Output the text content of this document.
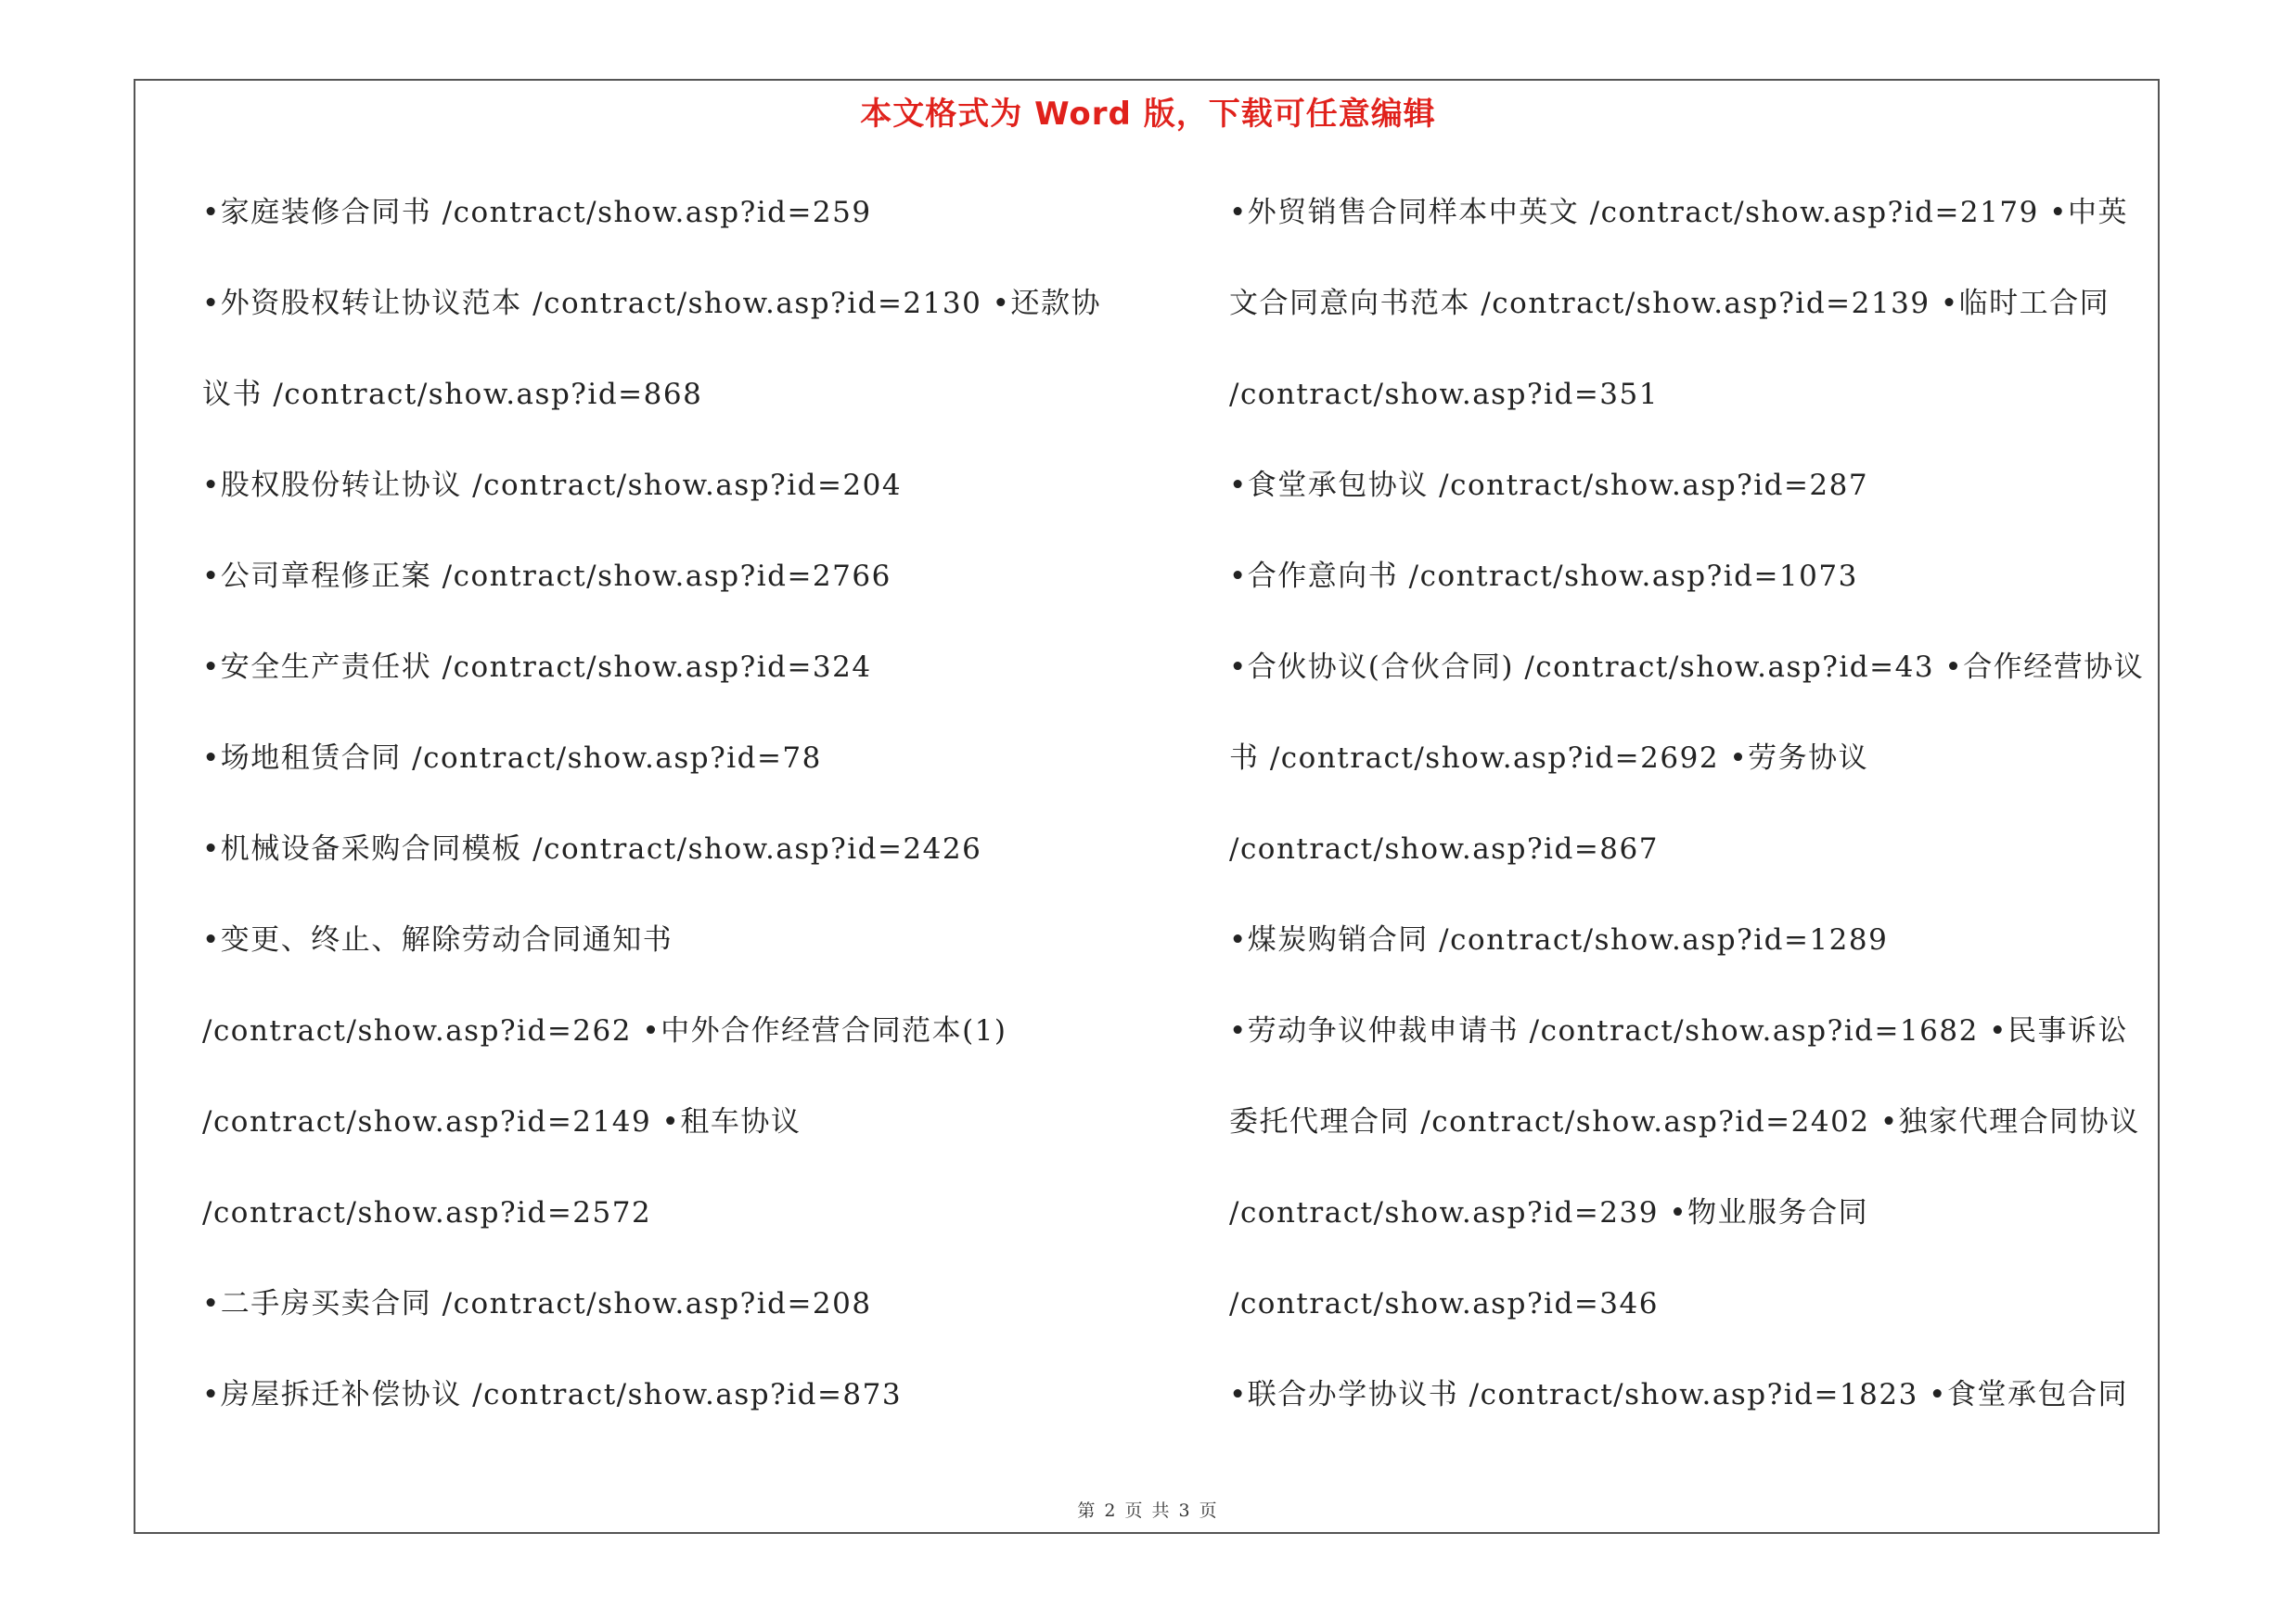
本文格式为 Word 版，下载可任意编辑
•家庭装修合同书 /contract/show.asp?id=259
•外资股权转让协议范本 /contract/show.asp?id=2130 •还款协
议书 /contract/show.asp?id=868
•股权股份转让协议 /contract/show.asp?id=204
•公司章程修正案 /contract/show.asp?id=2766
•安全生产责任状 /contract/show.asp?id=324
•场地租赁合同 /contract/show.asp?id=78
•机械设备采购合同模板 /contract/show.asp?id=2426
•变更、终止、解除劳动合同通知书
/contract/show.asp?id=262 •中外合作经营合同范本(1)
/contract/show.asp?id=2149 •租车协议
/contract/show.asp?id=2572
•二手房买卖合同 /contract/show.asp?id=208
•房屋拆迁补偿协议 /contract/show.asp?id=873
•外贸销售合同样本中英文 /contract/show.asp?id=2179 •中英
文合同意向书范本 /contract/show.asp?id=2139 •临时工合同
/contract/show.asp?id=351
•食堂承包协议 /contract/show.asp?id=287
•合作意向书 /contract/show.asp?id=1073
•合伙协议(合伙合同) /contract/show.asp?id=43 •合作经营协议
书 /contract/show.asp?id=2692 •劳务协议
/contract/show.asp?id=867
•煤炭购销合同 /contract/show.asp?id=1289
•劳动争议仲裁申请书 /contract/show.asp?id=1682 •民事诉讼
委托代理合同 /contract/show.asp?id=2402 •独家代理合同协议
/contract/show.asp?id=239 •物业服务合同
/contract/show.asp?id=346
•联合办学协议书 /contract/show.asp?id=1823 •食堂承包合同
第 2 页 共 3 页
